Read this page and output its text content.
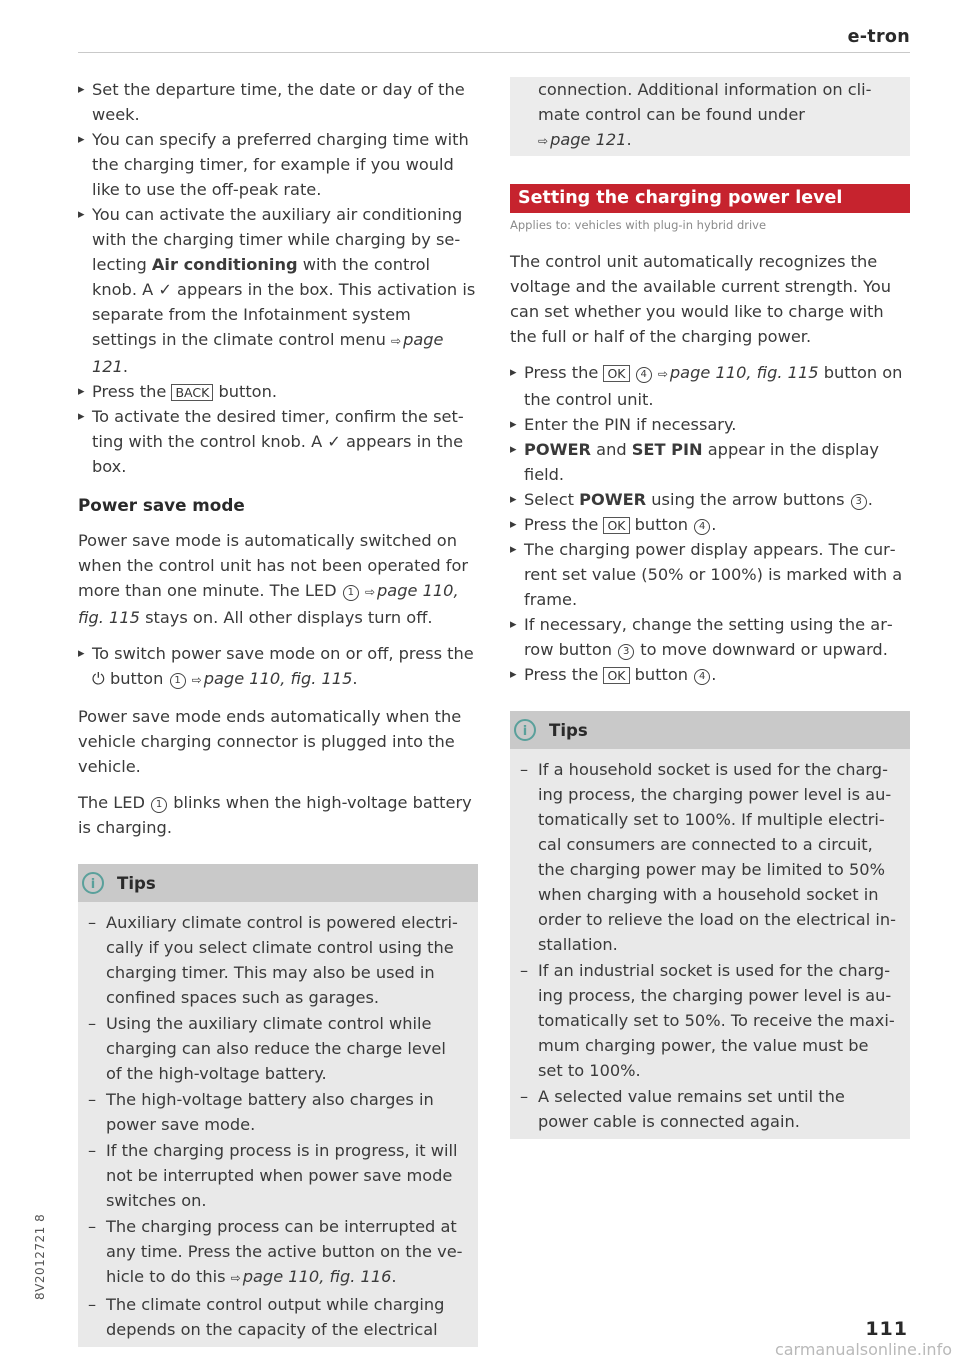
e-tron
▸ Set the departure time, the date or day of the week.
▸ You can specify a preferred charging time with the charging timer, for example if you would like to use the off-peak rate.
▸ You can activate the auxiliary air conditioning with the charging timer while charging by selecting Air conditioning with the control knob. A ✓ appears in the box. This activation is separate from the Infotainment system settings in the climate control menu ⇨ page 121.
▸ Press the BACK button.
▸ To activate the desired timer, confirm the setting with the control knob. A ✓ appears in the box.
Power save mode

Power save mode is automatically switched on when the control unit has not been operated for more than one minute. The LED 1 ⇨ page 110, fig. 115 stays on. All other displays turn off.

▸ To switch power save mode on or off, press the ⏻ button 1 ⇨ page 110, fig. 115.

Power save mode ends automatically when the vehicle charging connector is plugged into the vehicle.

The LED 1 blinks when the high-voltage battery is charging.

i	Tips
– Auxiliary climate control is powered electrically if you select climate control using the charging timer. This may also be used in confined spaces such as garages.
– Using the auxiliary climate control while charging can also reduce the charge level of the high-voltage battery.
– The high-voltage battery also charges in power save mode.
– If the charging process is in progress, it will not be interrupted when power save mode switches on.
– The charging process can be interrupted at any time. Press the active button on the vehicle to do this ⇨ page 110, fig. 116.
– The climate control output while charging depends on the capacity of the electrical
connection. Additional information on climate control can be found under
⇨ page 121.
Setting the charging power level
Applies to: vehicles with plug-in hybrid drive

The control unit automatically recognizes the voltage and the available current strength. You can set whether you would like to charge with the full or half of the charging power.

▸ Press the OK 4 ⇨ page 110, fig. 115 button on the control unit.
▸ Enter the PIN if necessary.
▸ POWER and SET PIN appear in the display field.
▸ Select POWER using the arrow buttons 3 .
▸ Press the OK button 4 .
▸ The charging power display appears. The current set value (50% or 100%) is marked with a frame.
▸ If necessary, change the setting using the arrow button 3 to move downward or upward.
▸ Press the OK button 4 .
i	Tips
– If a household socket is used for the charging process, the charging power level is automatically set to 100%. If multiple electrical consumers are connected to a circuit, the charging power may be limited to 50% when charging with a household socket in order to relieve the load on the electrical installation.
– If an industrial socket is used for the charging process, the charging power level is automatically set to 50%. To receive the maximum charging power, the value must be set to 100%.
– A selected value remains set until the power cable is connected again.
8V2012721 8
111
carmanualsonline.info
